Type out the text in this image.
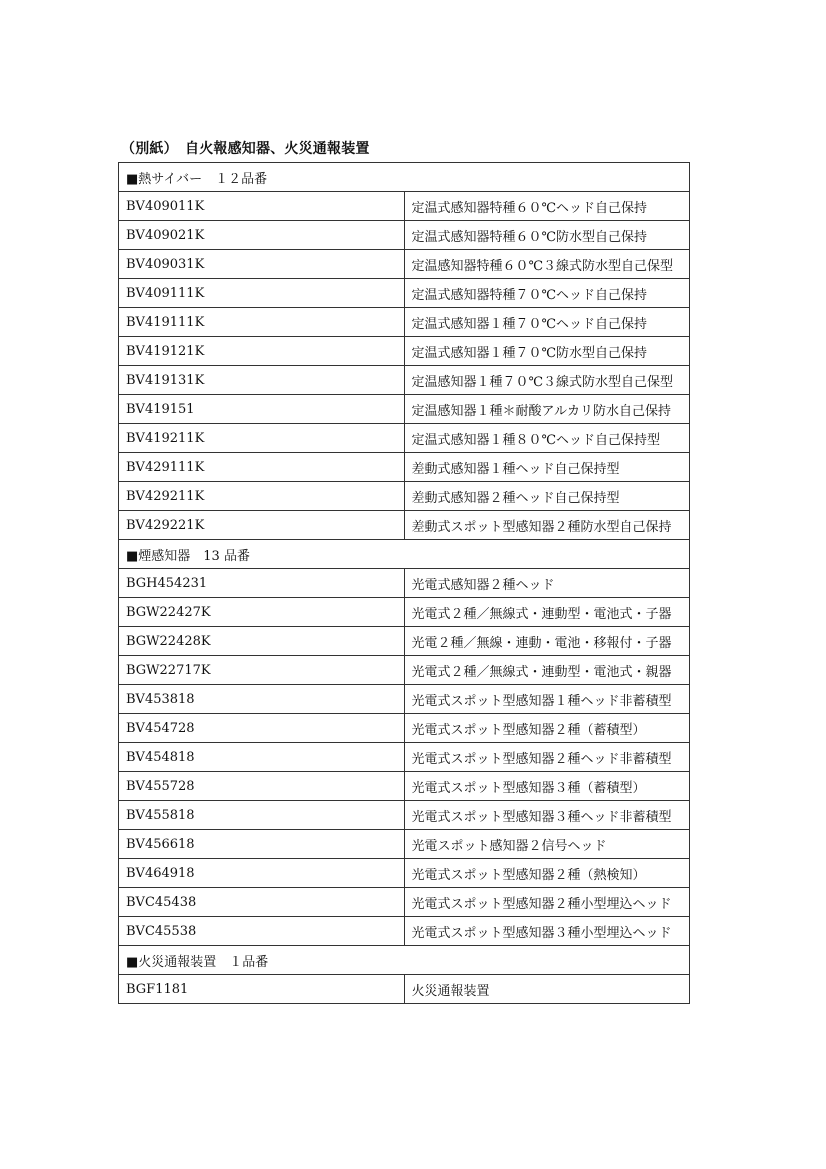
（別紙）　自火報感知器、火災通報装置
■熱サイバー　１２品番	
BV409011K	定温式感知器特種６０℃ヘッド自己保持
BV409021K	定温式感知器特種６０℃防水型自己保持
BV409031K	定温感知器特種６０℃３線式防水型自己保型
BV409111K	定温式感知器特種７０℃ヘッド自己保持
BV419111K	定温式感知器１種７０℃ヘッド自己保持
BV419121K	定温式感知器１種７０℃防水型自己保持
BV419131K	定温感知器１種７０℃３線式防水型自己保型
BV419151	定温感知器１種＊耐酸アルカリ防水自己保持
BV419211K	定温式感知器１種８０℃ヘッド自己保持型
BV429111K	差動式感知器１種ヘッド自己保持型
BV429211K	差動式感知器２種ヘッド自己保持型
BV429221K	差動式スポット型感知器２種防水型自己保持
■煙感知器　13 品番	
BGH454231	光電式感知器２種ヘッド
BGW22427K	光電式２種／無線式・連動型・電池式・子器
BGW22428K	光電２種／無線・連動・電池・移報付・子器
BGW22717K	光電式２種／無線式・連動型・電池式・親器
BV453818	光電式スポット型感知器１種ヘッド非蓄積型
BV454728	光電式スポット型感知器２種（蓄積型）
BV454818	光電式スポット型感知器２種ヘッド非蓄積型
BV455728	光電式スポット型感知器３種（蓄積型）
BV455818	光電式スポット型感知器３種ヘッド非蓄積型
BV456618	光電スポット感知器２信号ヘッド
BV464918	光電式スポット型感知器２種（熱検知）
BVC45438	光電式スポット型感知器２種小型埋込ヘッド
BVC45538	光電式スポット型感知器３種小型埋込ヘッド
■火災通報装置　１品番	
BGF1181	火災通報装置
